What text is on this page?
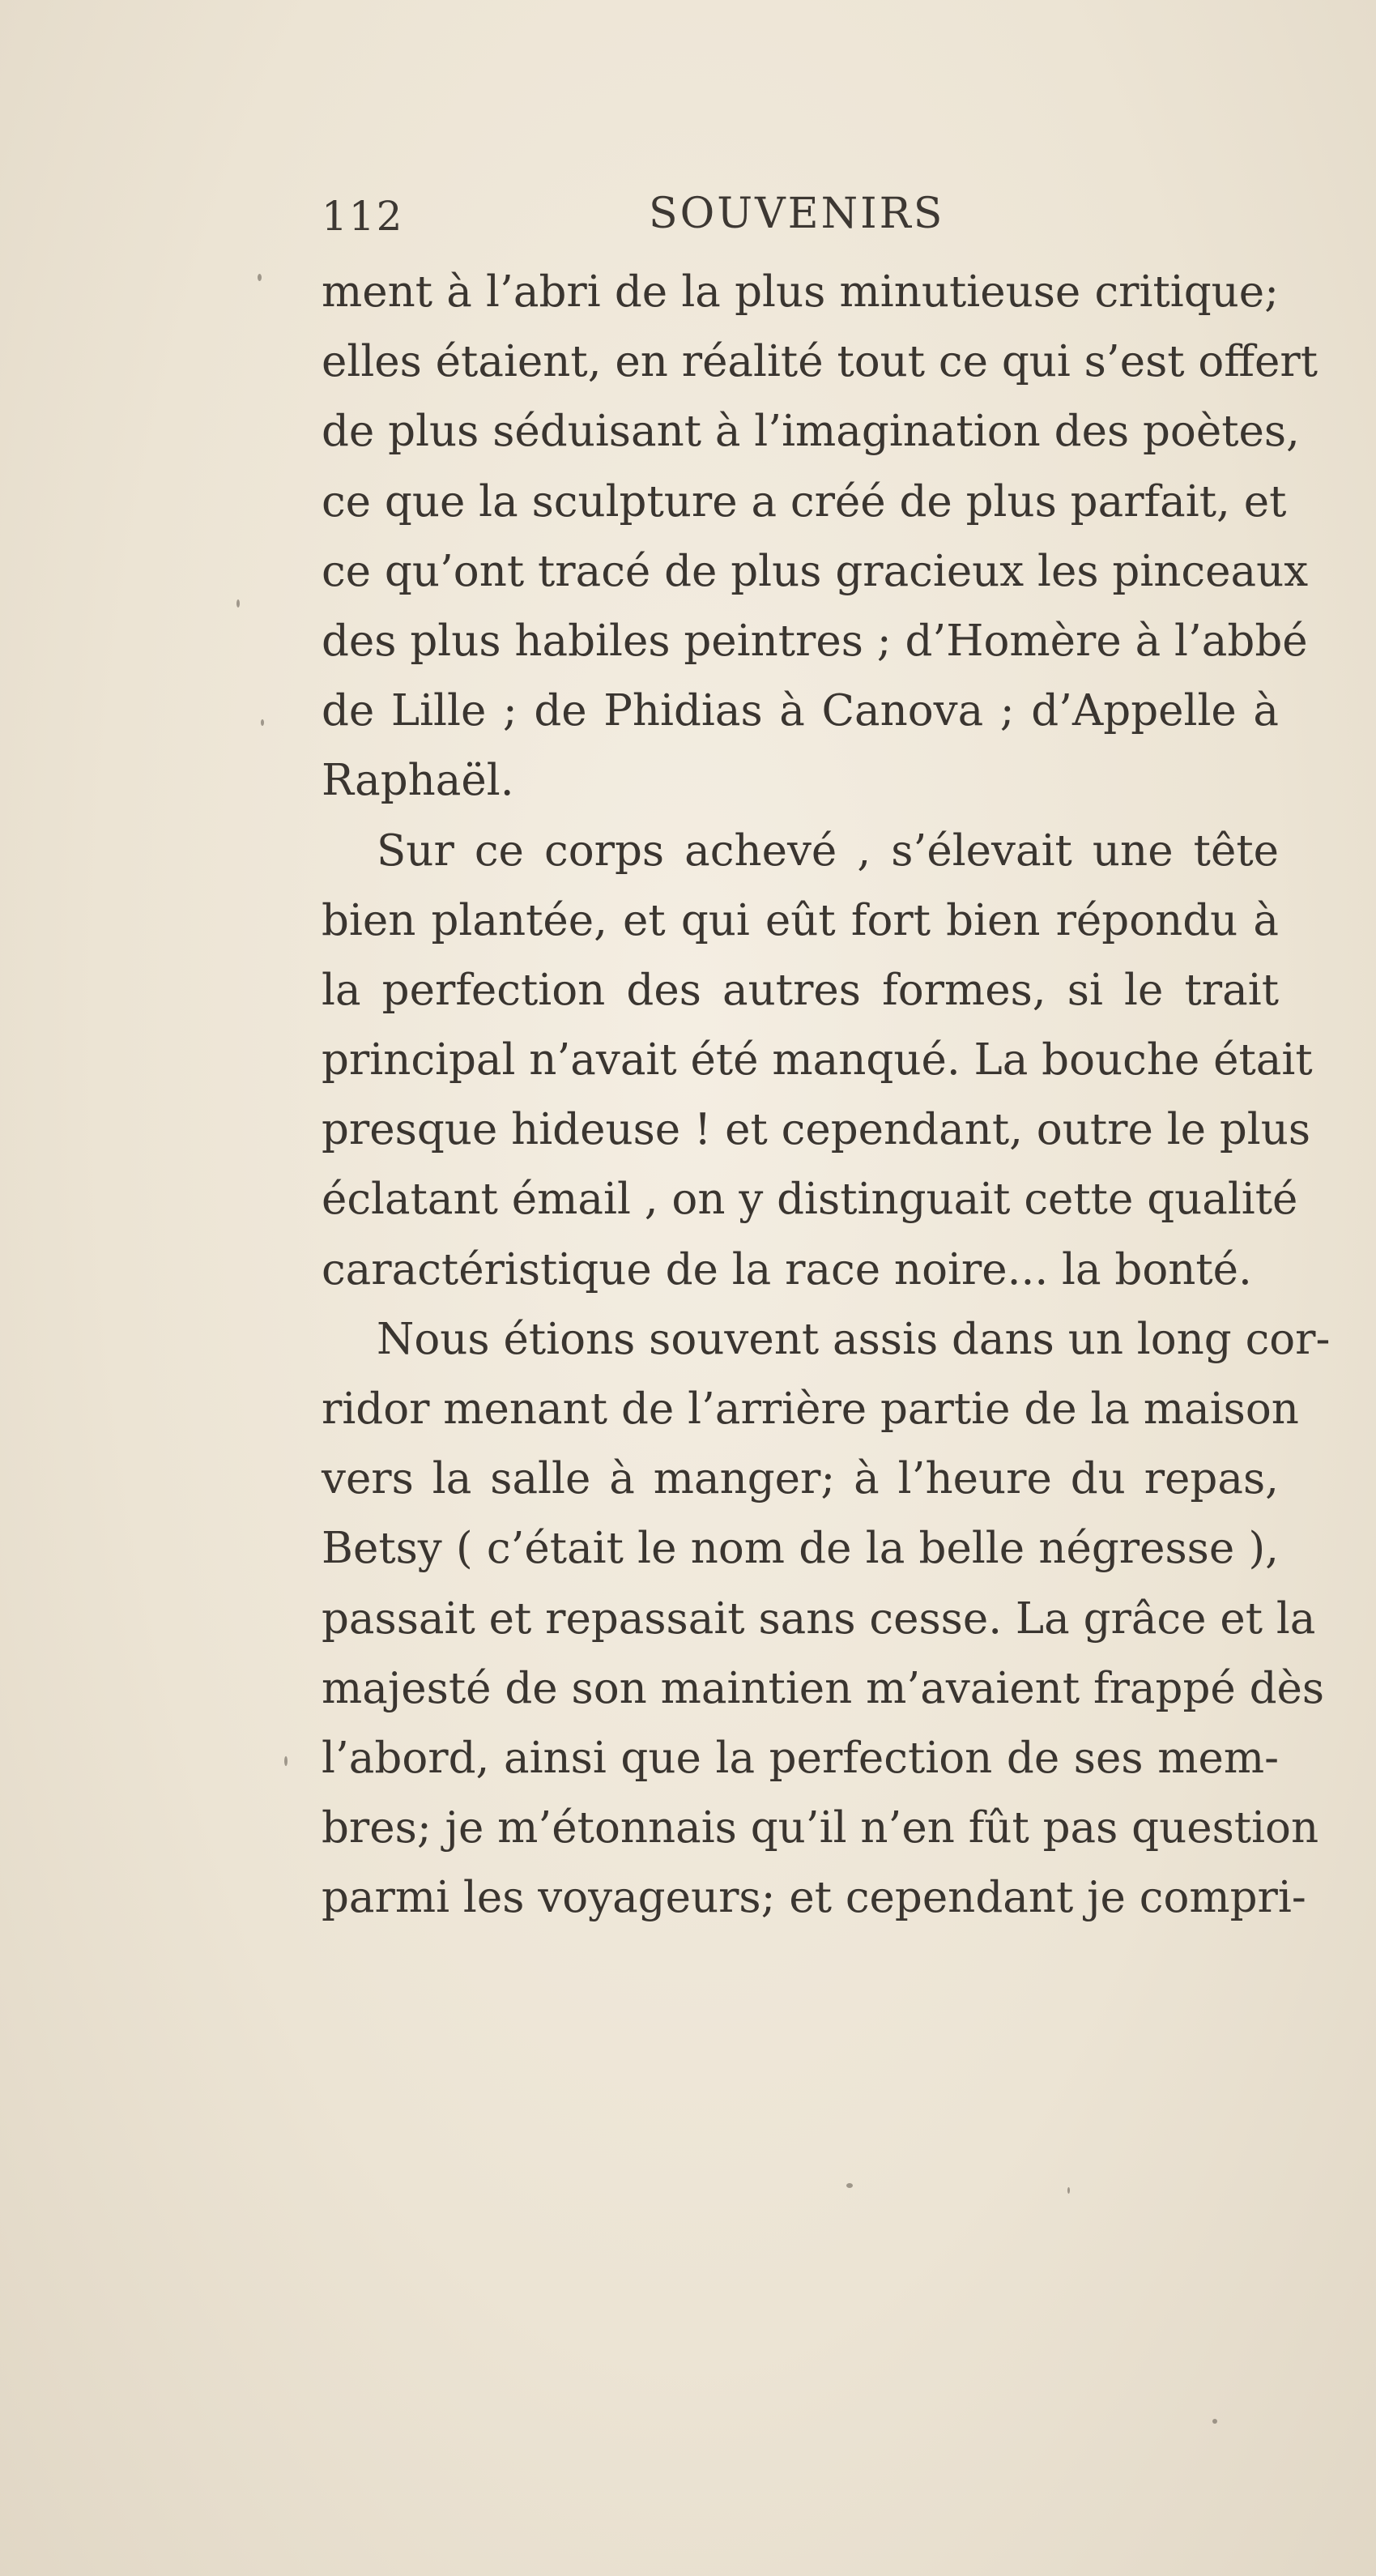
112	SOUVENIRS
ment à l’abri de la plus minutieuse critique;
elles étaient, en réalité tout ce qui s’est offert
de plus séduisant à l’imagination des poètes,
ce que la sculpture a créé de plus parfait, et
ce qu’ont tracé de plus gracieux les pinceaux
des plus habiles peintres ; d’Homère à l’abbé
de Lille ; de Phidias à Canova ; d’Appelle à
Raphaël.
Sur ce corps achevé , s’élevait une tête
bien plantée, et qui eût fort bien répondu à
la perfection des autres formes, si le trait
principal n’avait été manqué. La bouche était
presque hideuse ! et cependant, outre le plus
éclatant émail , on y distinguait cette qualité
caractéristique de la race noire... la bonté.
Nous étions souvent assis dans un long cor-
ridor menant de l’arrière partie de la maison
vers la salle à manger; à l’heure du repas,
Betsy ( c’était le nom de la belle négresse ),
passait et repassait sans cesse. La grâce et la
majesté de son maintien m’avaient frappé dès
l’abord, ainsi que la perfection de ses mem-
bres; je m’étonnais qu’il n’en fût pas question
parmi les voyageurs; et cependant je compri-
